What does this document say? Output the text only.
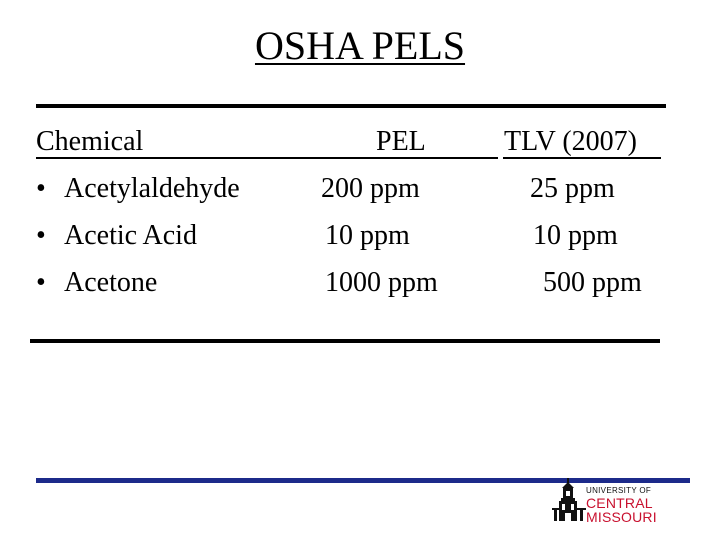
OSHA PELS
Chemical	PEL	TLV (2007)
• Acetylaldehyde	200 ppm	25 ppm
• Acetic Acid	10 ppm	10 ppm
• Acetone	1000 ppm	500 ppm
UNIVERSITY OF
CENTRAL
MISSOURI
